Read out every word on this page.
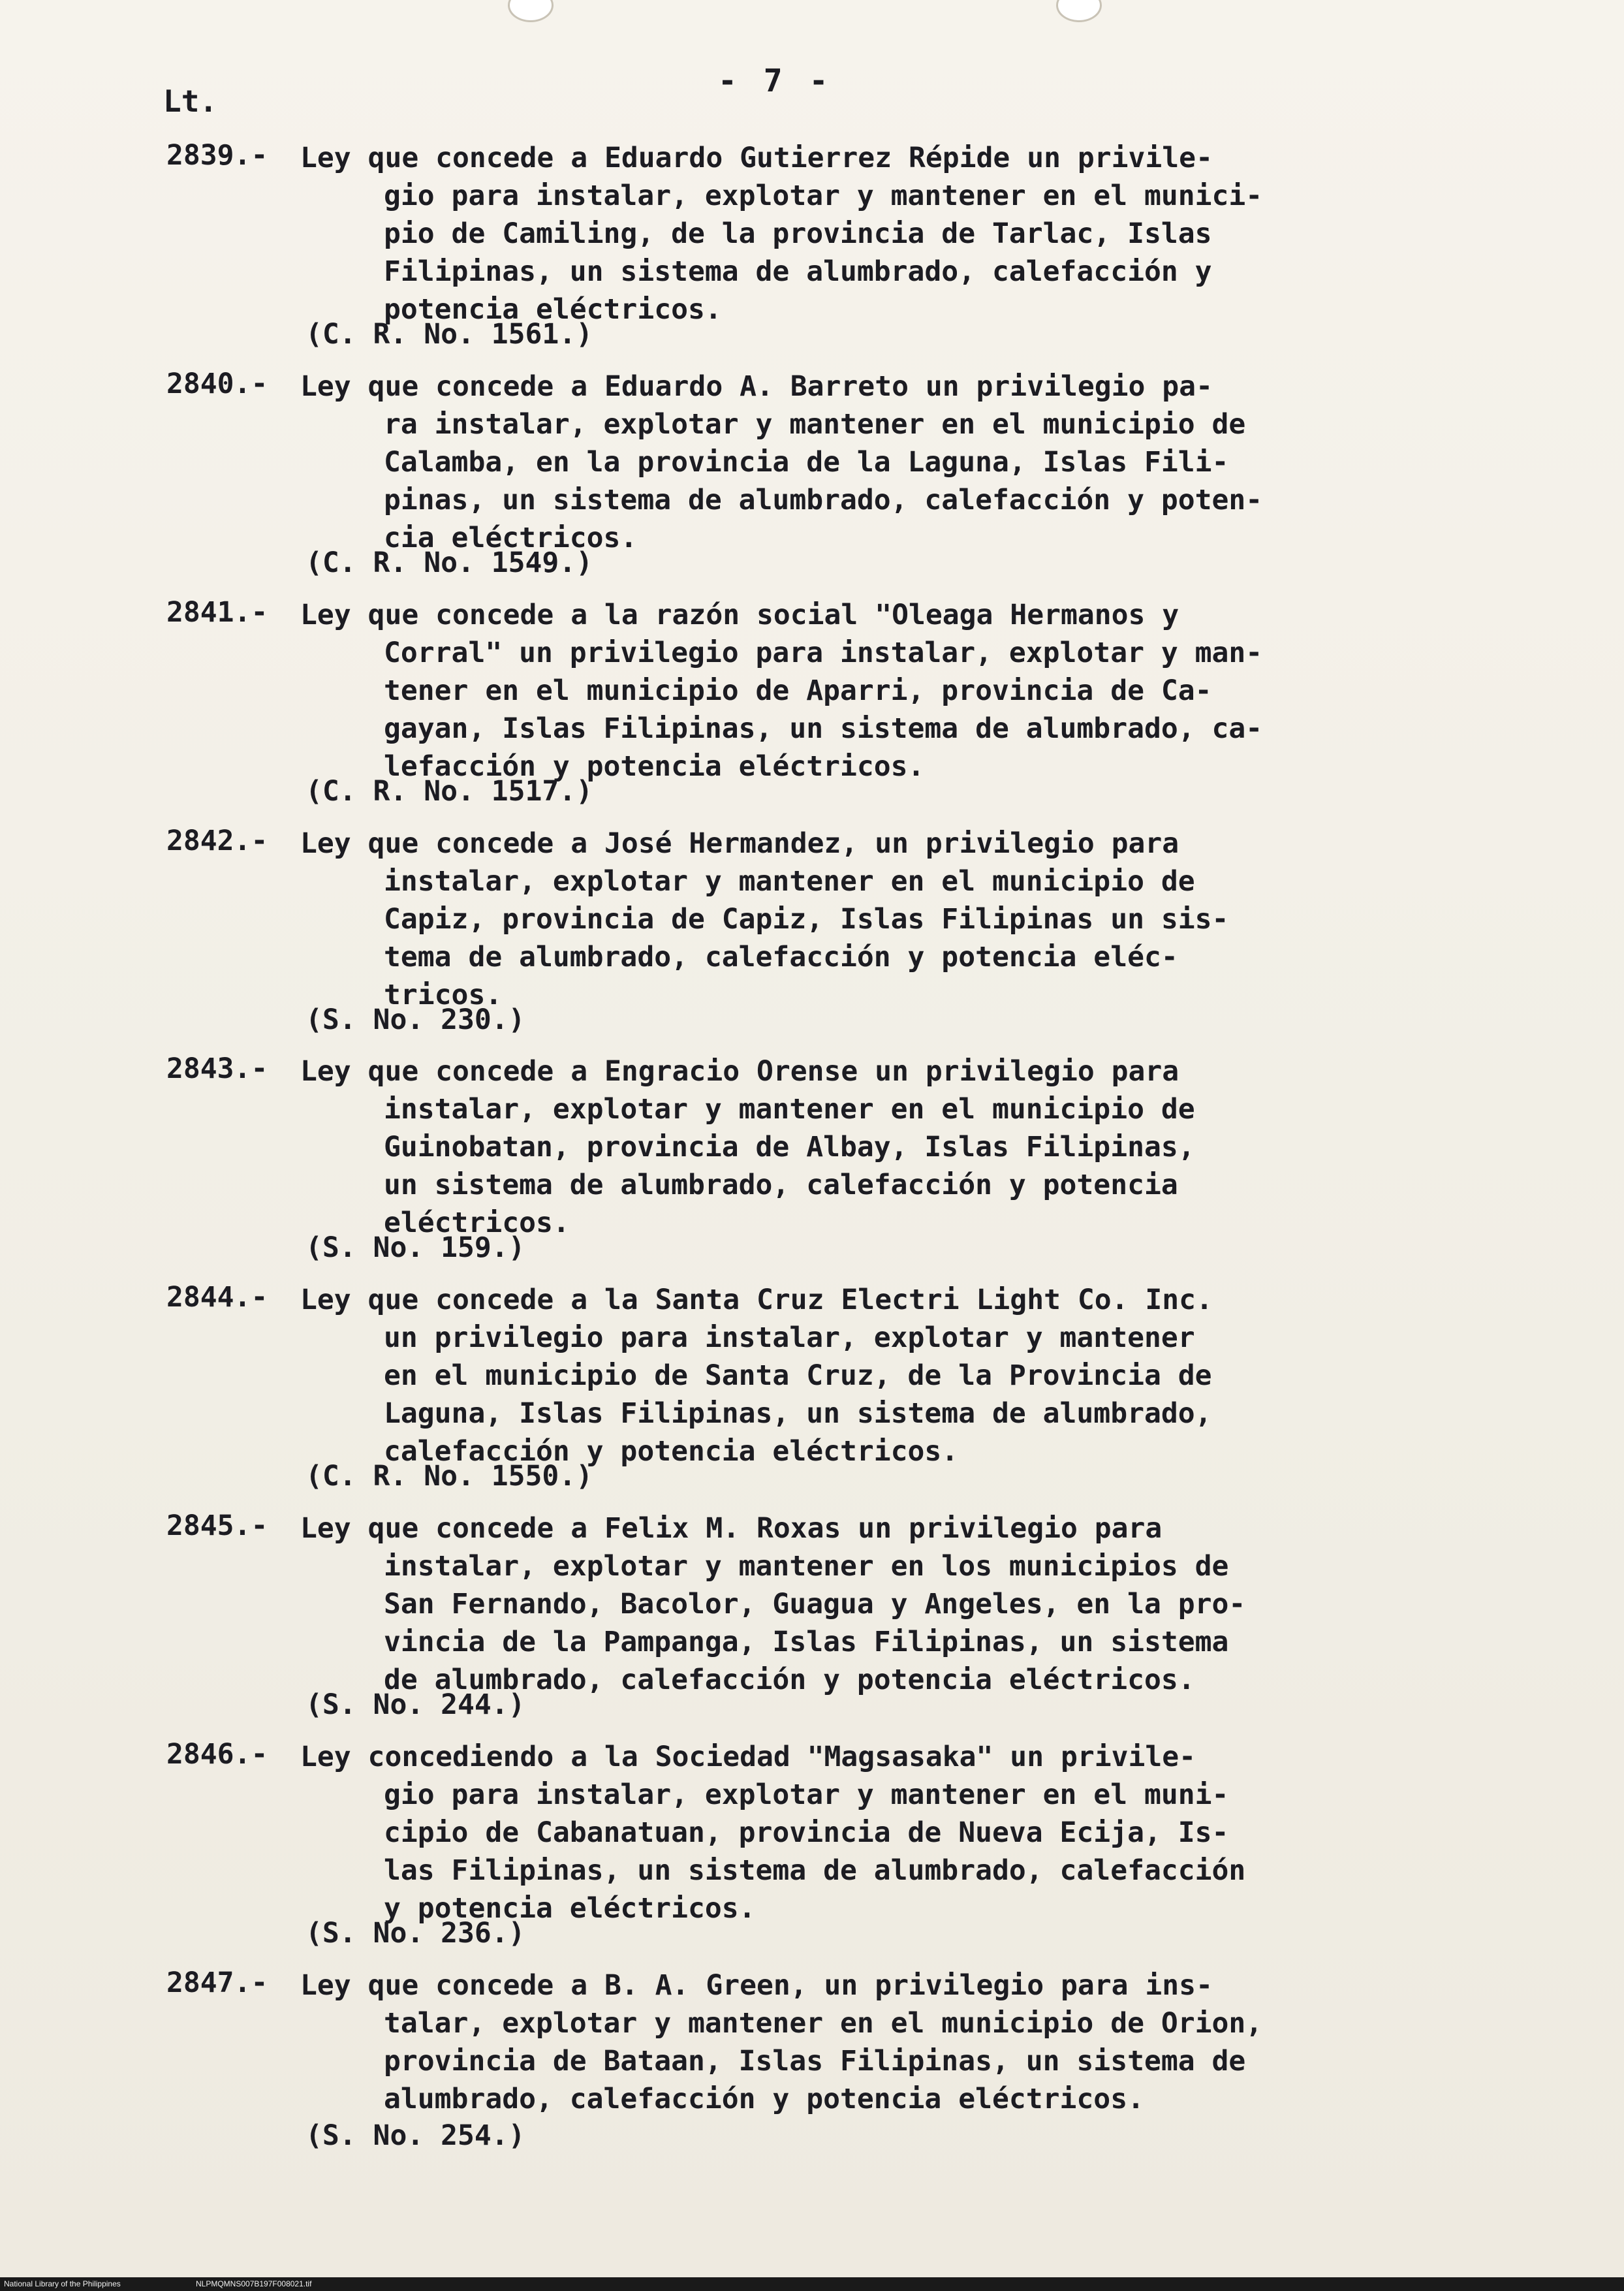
Lt.
- 7 -
2839.- Ley que concede a Eduardo Gutierrez Répide un privile-
gio para instalar, explotar y mantener en el munici-
pio de Camiling, de la provincia de Tarlac, Islas
Filipinas, un sistema de alumbrado, calefacción y
potencia eléctricos.
(C. R. No. 1561.)
2840.- Ley que concede a Eduardo A. Barreto un privilegio pa-
ra instalar, explotar y mantener en el municipio de
Calamba, en la provincia de la Laguna, Islas Fili-
pinas, un sistema de alumbrado, calefacción y poten-
cia eléctricos.
(C. R. No. 1549.)
2841.- Ley que concede a la razón social "Oleaga Hermanos y
Corral" un privilegio para instalar, explotar y man-
tener en el municipio de Aparri, provincia de Ca-
gayan, Islas Filipinas, un sistema de alumbrado, ca-
lefacción y potencia eléctricos.
(C. R. No. 1517.)
2842.- Ley que concede a José Hermandez, un privilegio para
instalar, explotar y mantener en el municipio de
Capiz, provincia de Capiz, Islas Filipinas un sis-
tema de alumbrado, calefacción y potencia eléc-
tricos.
(S. No. 230.)
2843.- Ley que concede a Engracio Orense un privilegio para
instalar, explotar y mantener en el municipio de
Guinobatan, provincia de Albay, Islas Filipinas,
un sistema de alumbrado, calefacción y potencia
eléctricos.
(S. No. 159.)
2844.- Ley que concede a la Santa Cruz Electri Light Co. Inc.
un privilegio para instalar, explotar y mantener
en el municipio de Santa Cruz, de la Provincia de
Laguna, Islas Filipinas, un sistema de alumbrado,
calefacción y potencia eléctricos.
(C. R. No. 1550.)
2845.- Ley que concede a Felix M. Roxas un privilegio para
instalar, explotar y mantener en los municipios de
San Fernando, Bacolor, Guagua y Angeles, en la pro-
vincia de la Pampanga, Islas Filipinas, un sistema
de alumbrado, calefacción y potencia eléctricos.
(S. No. 244.)
2846.- Ley concediendo a la Sociedad "Magsasaka" un privile-
gio para instalar, explotar y mantener en el muni-
cipio de Cabanatuan, provincia de Nueva Ecija, Is-
las Filipinas, un sistema de alumbrado, calefacción
y potencia eléctricos.
(S. No. 236.)
2847.- Ley que concede a B. A. Green, un privilegio para ins-
talar, explotar y mantener en el municipio de Orion,
provincia de Bataan, Islas Filipinas, un sistema de
alumbrado, calefacción y potencia eléctricos.
(S. No. 254.)
National Library of the Philippines	NLPMQMNS007B197F008021.tif
